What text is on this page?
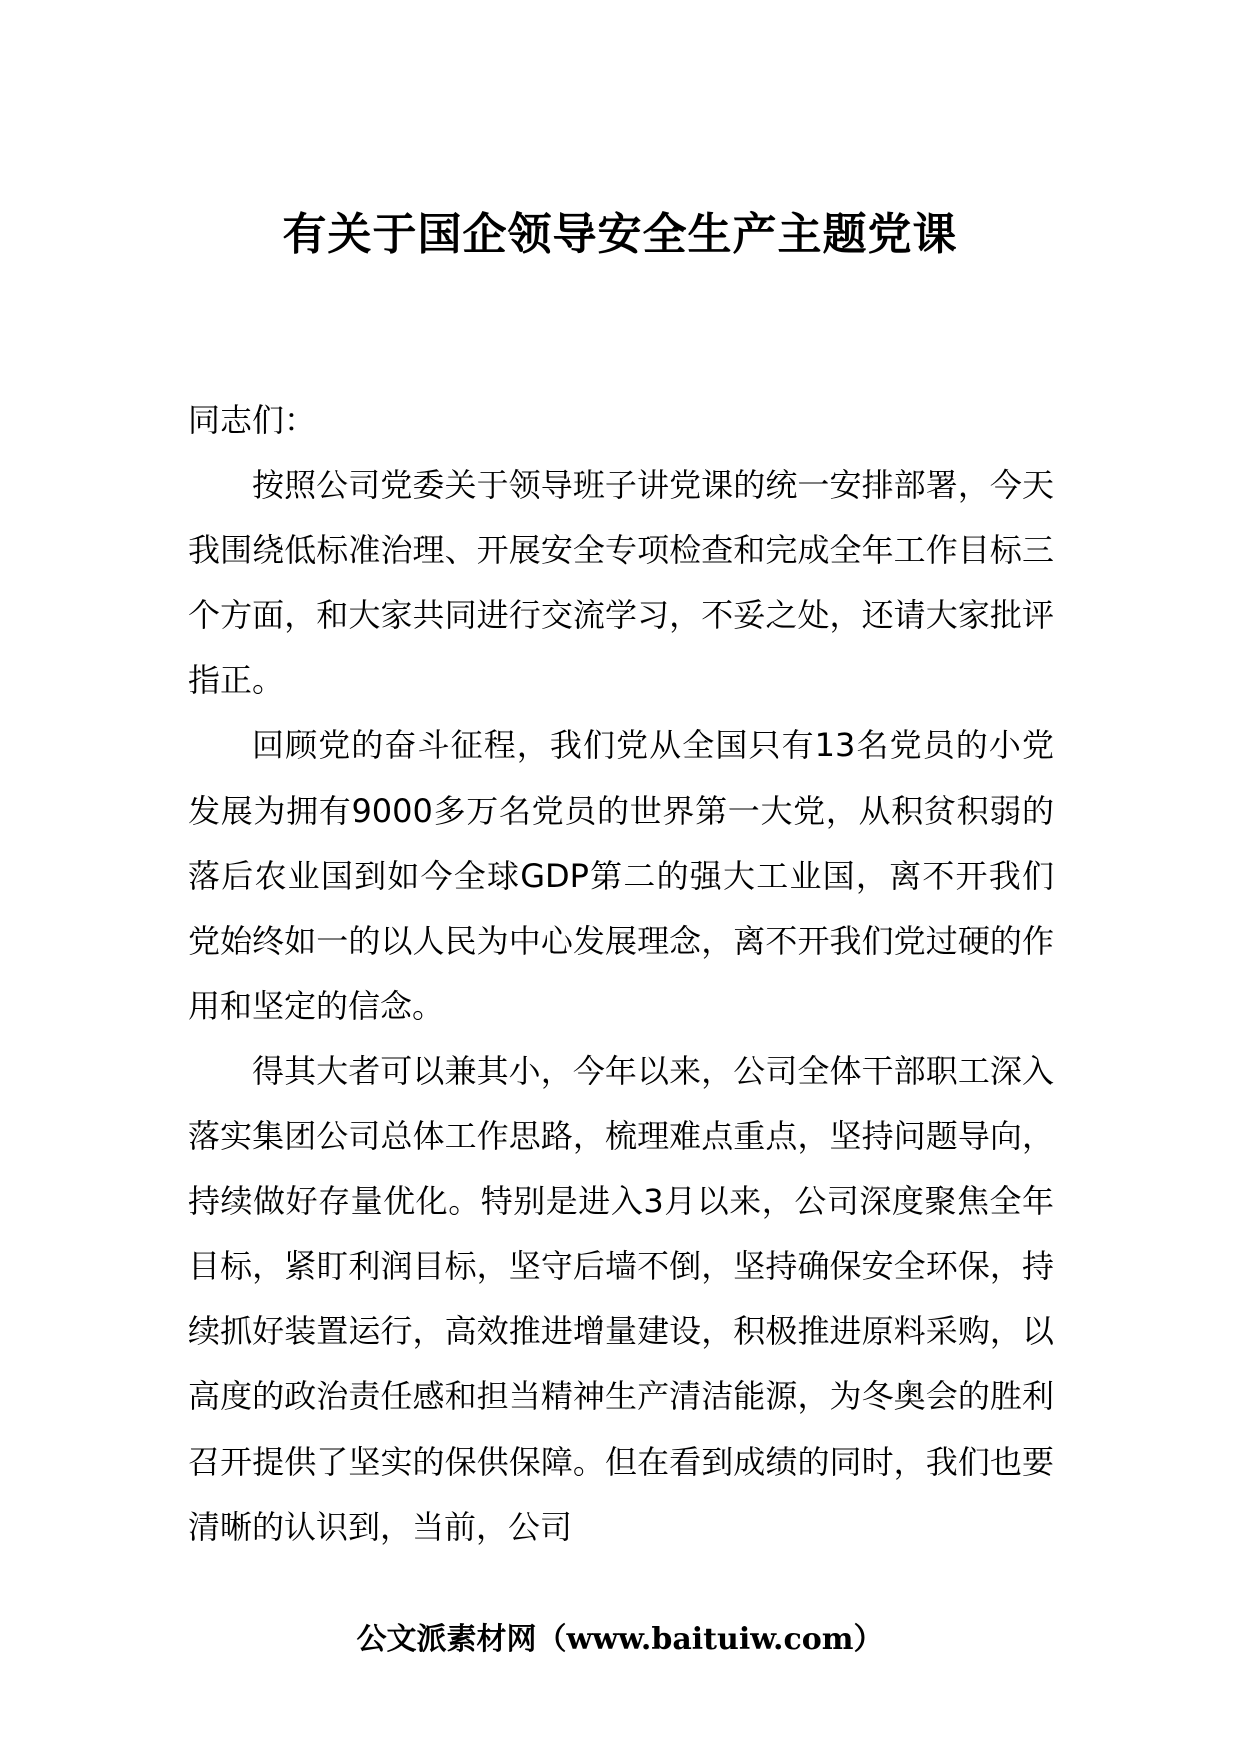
有关于国企领导安全生产主题党课

同志们：

按照公司党委关于领导班子讲党课的统一安排部署，今天我围绕低标准治理、开展安全专项检查和完成全年工作目标三个方面，和大家共同进行交流学习，不妥之处，还请大家批评指正。

回顾党的奋斗征程，我们党从全国只有13名党员的小党发展为拥有9000多万名党员的世界第一大党，从积贫积弱的落后农业国到如今全球GDP第二的强大工业国，离不开我们党始终如一的以人民为中心发展理念，离不开我们党过硬的作用和坚定的信念。

得其大者可以兼其小，今年以来，公司全体干部职工深入落实集团公司总体工作思路，梳理难点重点，坚持问题导向，持续做好存量优化。特别是进入3月以来，公司深度聚焦全年目标，紧盯利润目标，坚守后墙不倒，坚持确保安全环保，持续抓好装置运行，高效推进增量建设，积极推进原料采购，以高度的政治责任感和担当精神生产清洁能源，为冬奥会的胜利召开提供了坚实的保供保障。但在看到成绩的同时，我们也要清晰的认识到，当前，公司

公文派素材网（www.baituiw.com）
